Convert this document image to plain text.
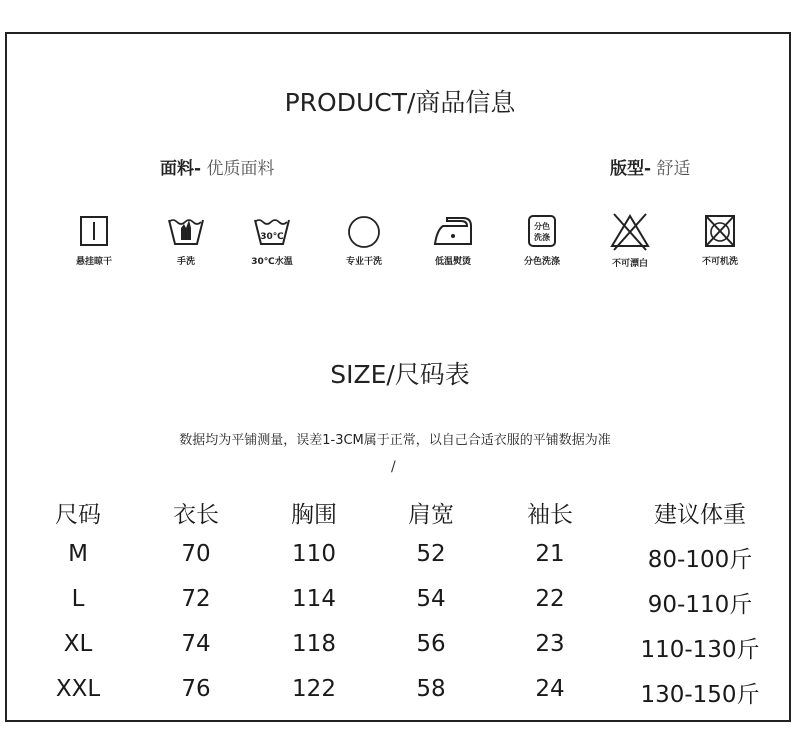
PRODUCT/商品信息
面料- 优质面料	版型- 舒适
悬挂晾干	手洗
30℃
30℃水温	专业干洗	低温熨烫
分色
洗涤
分色洗涤	不可漂白	不可机洗
SIZE/尺码表
数据均为平铺测量，误差1-3CM属于正常，以自己合适衣服的平铺数据为准
/
尺码	衣长	胸围	肩宽	袖长	建议体重
M	70	110	52	21	80-100斤
L	72	114	54	22	90-110斤
XL	74	118	56	23	110-130斤
XXL	76	122	58	24	130-150斤
